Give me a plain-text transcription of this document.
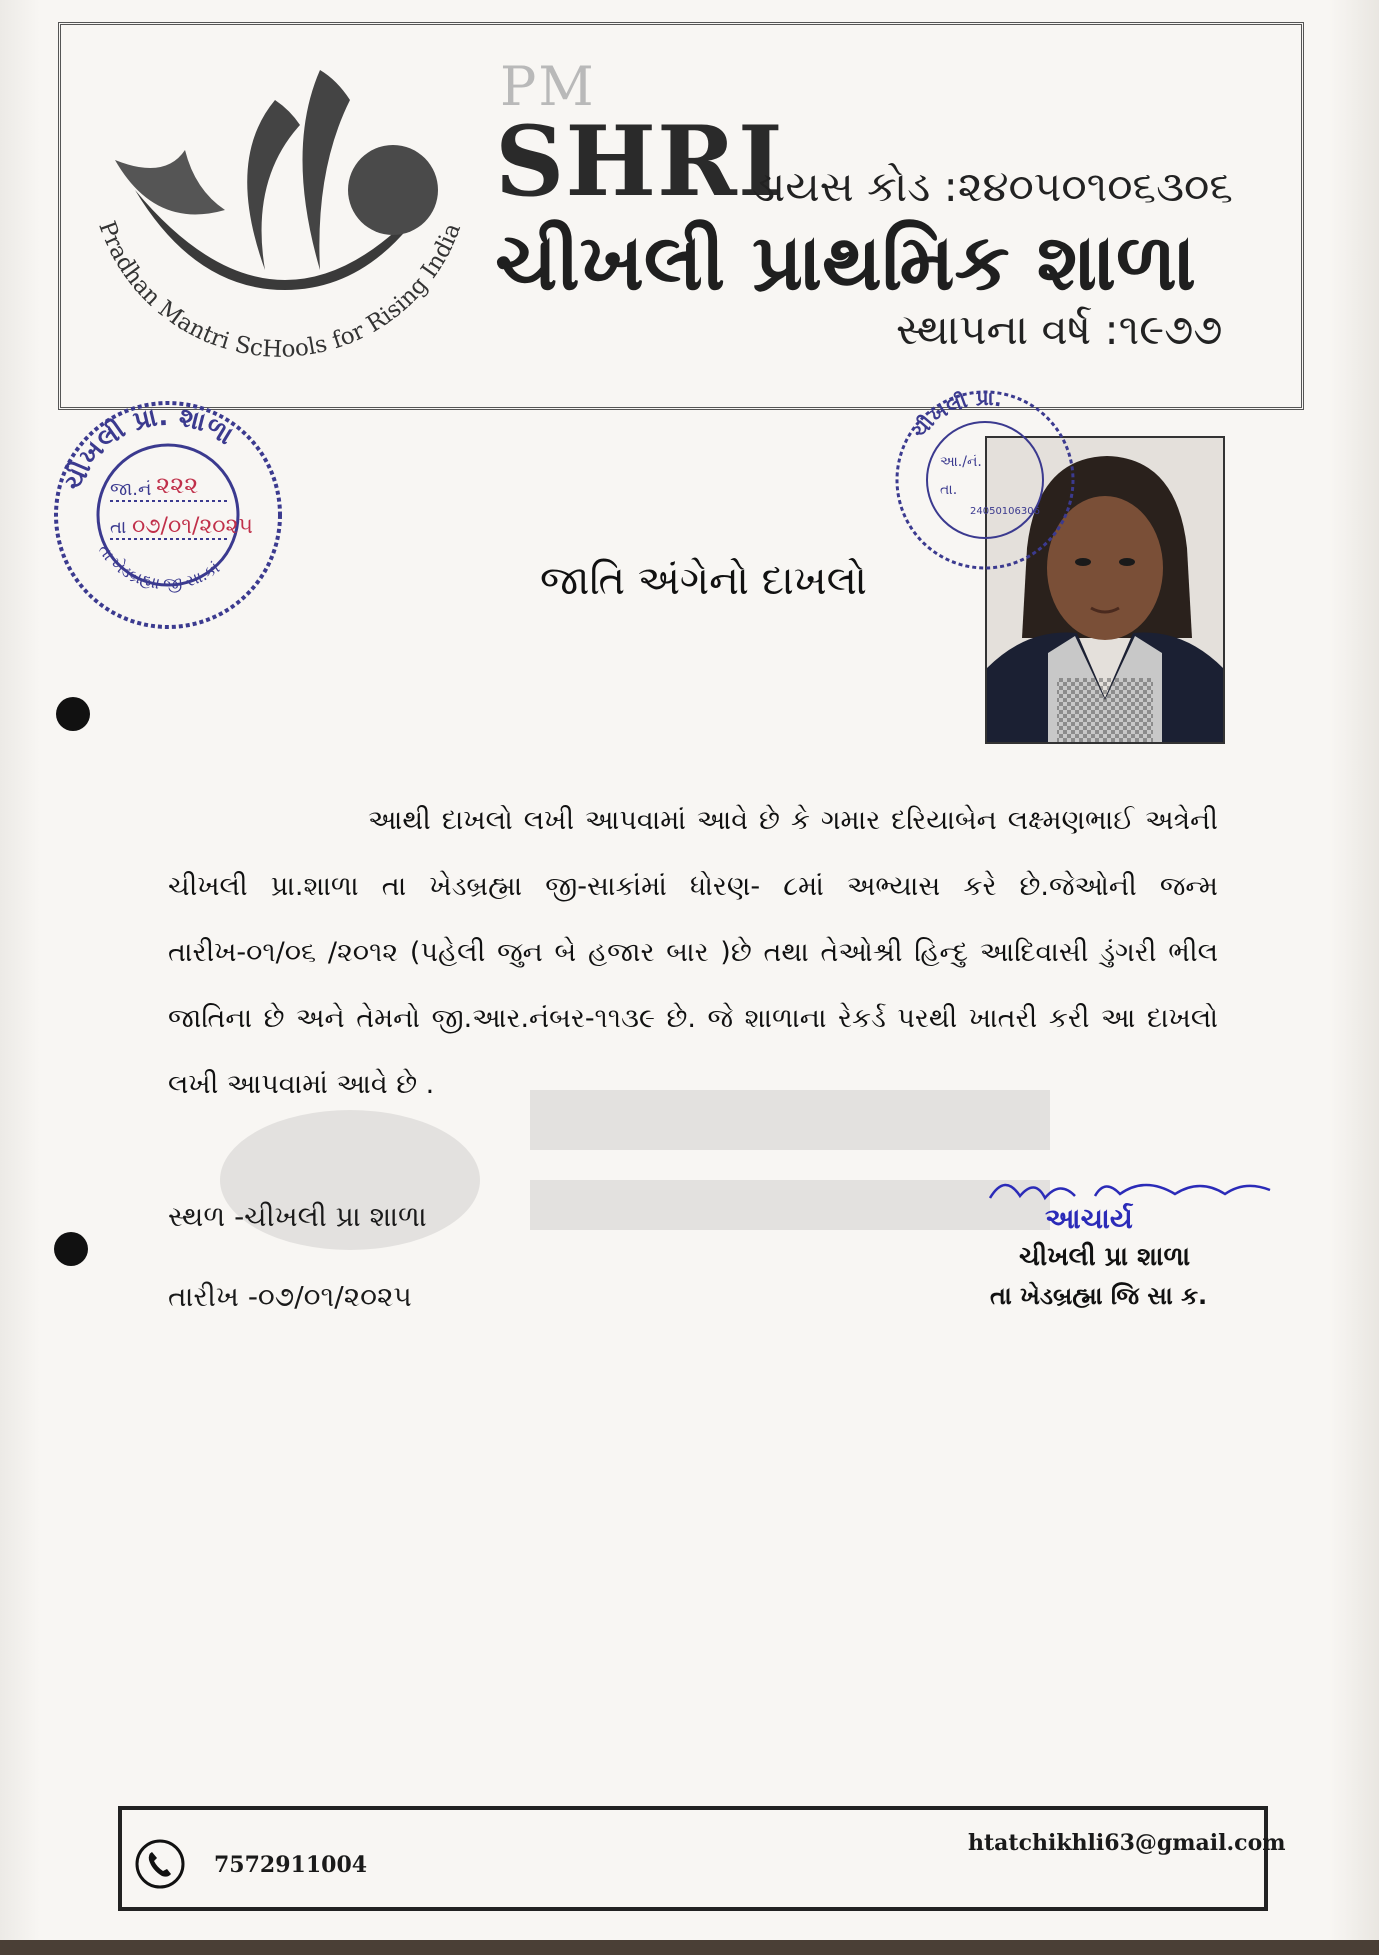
Pradhan Mantri ScHools for Rising India
PM
SHRI
ડાયસ કોડ :૨૪૦૫૦૧૦૬૩૦૬
ચીખલી પ્રાથમિક શાળા
સ્થાપના વર્ષ :૧૯૭૭
ચીખલી પ્રા. શાળા
તા ખેડબ્રહ્મા જી સા.કાં
જા.નં ૨૨૨
તા ૦૭/૦૧/૨૦૨૫
ચીખલી પ્રા.
આ./નં.
તા.
24050106306
જાતિ અંગેનો દાખલો
આથી દાખલો લખી આપવામાં આવે છે કે ગમાર દરિયાબેન લક્ષ્મણભાઈ અત્રેની ચીખલી પ્રા.શાળા તા ખેડબ્રહ્મા જી-સાકાંમાં ધોરણ- ૮માં અભ્યાસ કરે છે.જેઓની જન્મ તારીખ-૦૧/૦૬ /૨૦૧૨ (પહેલી જુન બે હજાર બાર )છે તથા તેઓશ્રી હિન્દુ આદિવાસી ડુંગરી ભીલ જાતિના છે અને તેમનો જી.આર.નંબર-૧૧૩૯ છે. જે શાળાના રેકર્ડ પરથી ખાતરી કરી આ દાખલો લખી આપવામાં આવે છે .
સ્થળ -ચીખલી પ્રા શાળા
તારીખ -૦૭/૦૧/૨૦૨૫
આચાર્ય
ચીખલી પ્રા શાળા
તા ખેડબ્રહ્મા જિ સા ક.
7572911004
htatchikhli63@gmail.com
